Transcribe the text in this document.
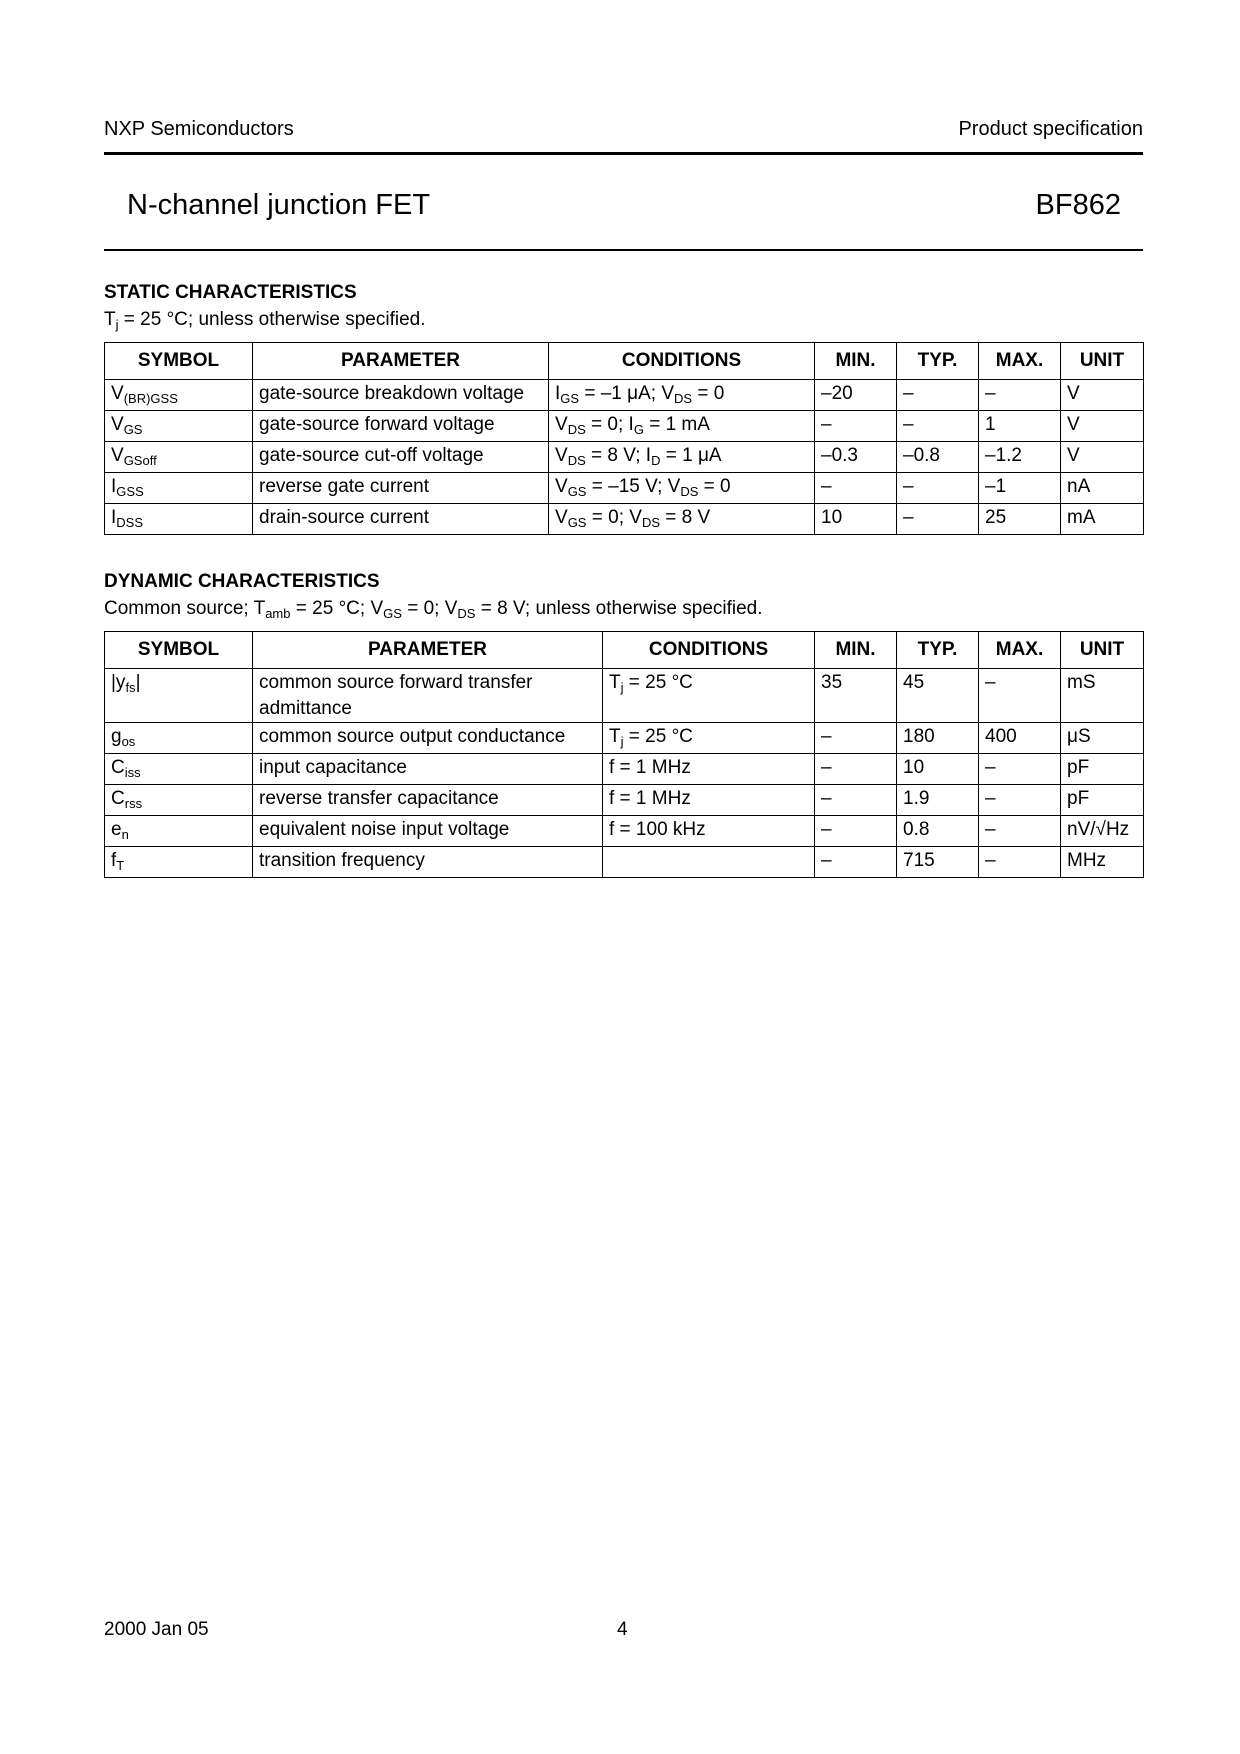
NXP Semiconductors	Product specification
N-channel junction FET	BF862
STATIC CHARACTERISTICS
$T_j = 25$ °C; unless otherwise specified.
SYMBOL	PARAMETER	CONDITIONS	MIN.	TYP.	MAX.	UNIT
$V_{(BR)GSS}$	gate-source breakdown voltage	$I_{GS} = -1$ μA; $V_{DS} = 0$	–20	–	–	V
$V_{GS}$	gate-source forward voltage	$V_{DS} = 0$; $I_G = 1$ mA	–	–	1	V
$V_{GSoff}$	gate-source cut-off voltage	$V_{DS} = 8$ V; $I_D = 1$ μA	–0.3	–0.8	–1.2	V
$I_{GSS}$	reverse gate current	$V_{GS} = -15$ V; $V_{DS} = 0$	–	–	–1	nA
$I_{DSS}$	drain-source current	$V_{GS} = 0$; $V_{DS} = 8$ V	10	–	25	mA
DYNAMIC CHARACTERISTICS
Common source; $T_{amb} = 25$ °C; $V_{GS} = 0$; $V_{DS} = 8$ V; unless otherwise specified.
SYMBOL	PARAMETER	CONDITIONS	MIN.	TYP.	MAX.	UNIT
$|y_{fs}|$	common source forward transfer admittance	$T_j = 25$ °C	35	45	–	mS
$g_{os}$	common source output conductance	$T_j = 25$ °C	–	180	400	μS
$C_{iss}$	input capacitance	f = 1 MHz	–	10	–	pF
$C_{rss}$	reverse transfer capacitance	f = 1 MHz	–	1.9	–	pF
$e_n$	equivalent noise input voltage	f = 100 kHz	–	0.8	–	nV/√Hz
$f_T$	transition frequency		–	715	–	MHz
2000 Jan 05	4
